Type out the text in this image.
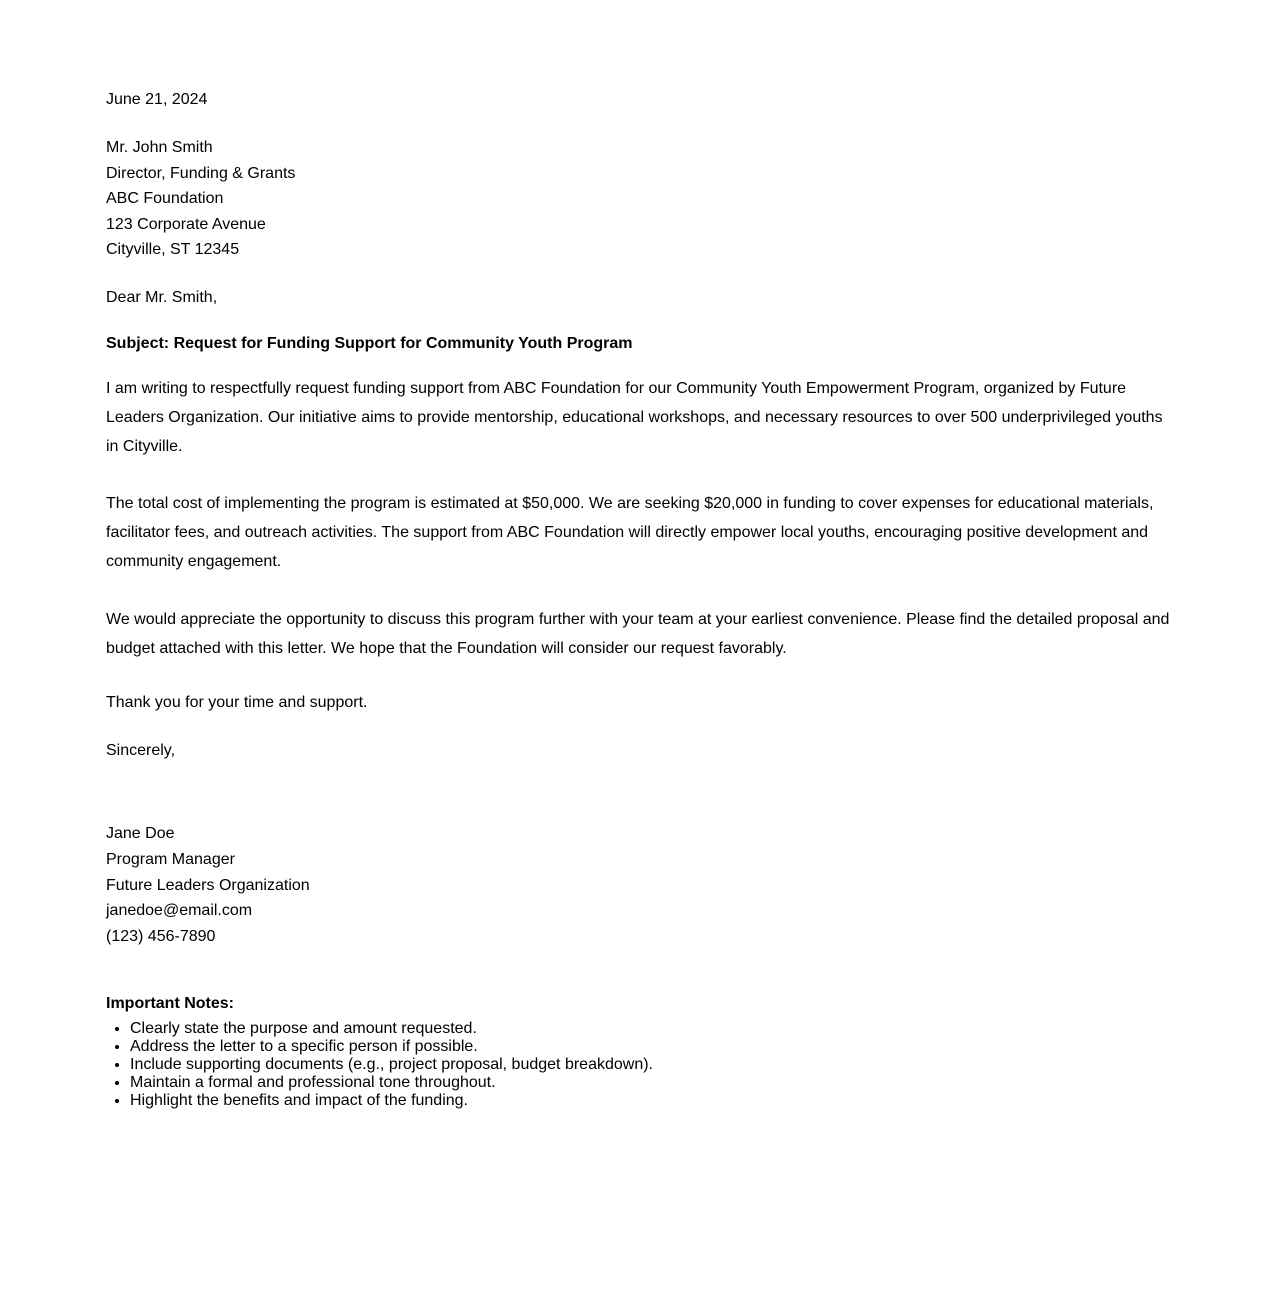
June 21, 2024
Mr. John Smith
Director, Funding & Grants
ABC Foundation
123 Corporate Avenue
Cityville, ST 12345
Dear Mr. Smith,
Subject: Request for Funding Support for Community Youth Program

I am writing to respectfully request funding support from ABC Foundation for our Community Youth Empowerment Program, organized by Future Leaders Organization. Our initiative aims to provide mentorship, educational workshops, and necessary resources to over 500 underprivileged youths in Cityville.

The total cost of implementing the program is estimated at $50,000. We are seeking $20,000 in funding to cover expenses for educational materials, facilitator fees, and outreach activities. The support from ABC Foundation will directly empower local youths, encouraging positive development and community engagement.

We would appreciate the opportunity to discuss this program further with your team at your earliest convenience. Please find the detailed proposal and budget attached with this letter. We hope that the Foundation will consider our request favorably.

Thank you for your time and support.
Sincerely,
Jane Doe
Program Manager
Future Leaders Organization
janedoe@email.com
(123) 456-7890
Important Notes:
• Clearly state the purpose and amount requested.
• Address the letter to a specific person if possible.
• Include supporting documents (e.g., project proposal, budget breakdown).
• Maintain a formal and professional tone throughout.
• Highlight the benefits and impact of the funding.
